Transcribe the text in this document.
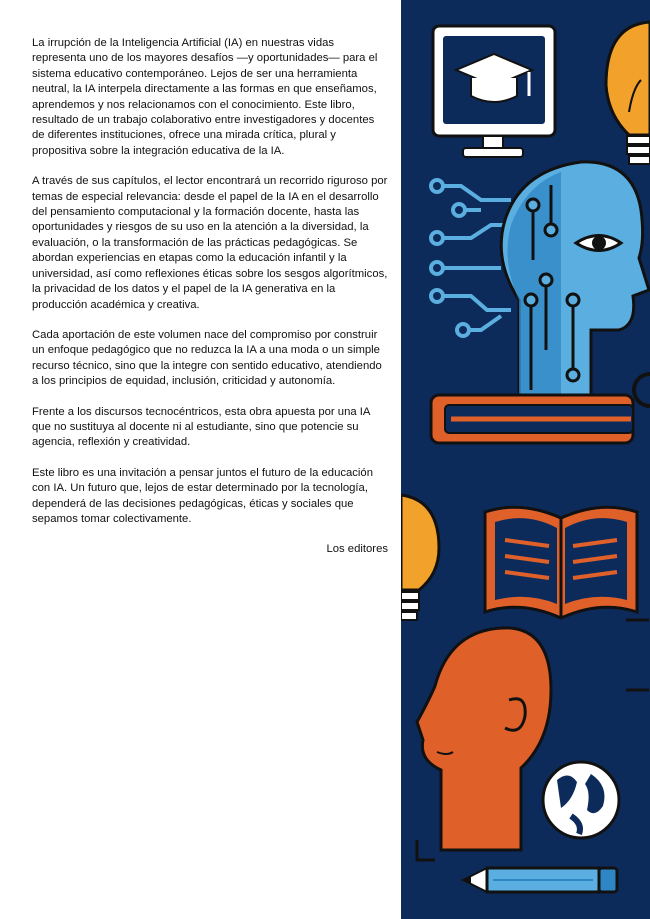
La irrupción de la Inteligencia Artificial (IA) en nuestras vidas representa uno de los mayores desafíos —y oportunidades— para el sistema educativo contemporáneo. Lejos de ser una herramienta neutral, la IA interpela directamente a las formas en que enseñamos, aprendemos y nos relacionamos con el conocimiento. Este libro, resultado de un trabajo colaborativo entre investigadores y docentes de diferentes instituciones, ofrece una mirada crítica, plural y propositiva sobre la integración educativa de la IA.

A través de sus capítulos, el lector encontrará un recorrido riguroso por temas de especial relevancia: desde el papel de la IA en el desarrollo del pensamiento computacional y la formación docente, hasta las oportunidades y riesgos de su uso en la atención a la diversidad, la evaluación, o la transformación de las prácticas pedagógicas. Se abordan experiencias en etapas como la educación infantil y la universidad, así como reflexiones éticas sobre los sesgos algorítmicos, la privacidad de los datos y el papel de la IA generativa en la producción académica y creativa.

Cada aportación de este volumen nace del compromiso por construir un enfoque pedagógico que no reduzca la IA a una moda o un simple recurso técnico, sino que la integre con sentido educativo, atendiendo a los principios de equidad, inclusión, criticidad y autonomía.

Frente a los discursos tecnocéntricos, esta obra apuesta por una IA que no sustituya al docente ni al estudiante, sino que potencie su agencia, reflexión y creatividad.

Este libro es una invitación a pensar juntos el futuro de la educación con IA. Un futuro que, lejos de estar determinado por la tecnología, dependerá de las decisiones pedagógicas, éticas y sociales que sepamos tomar colectivamente.

Los editores
